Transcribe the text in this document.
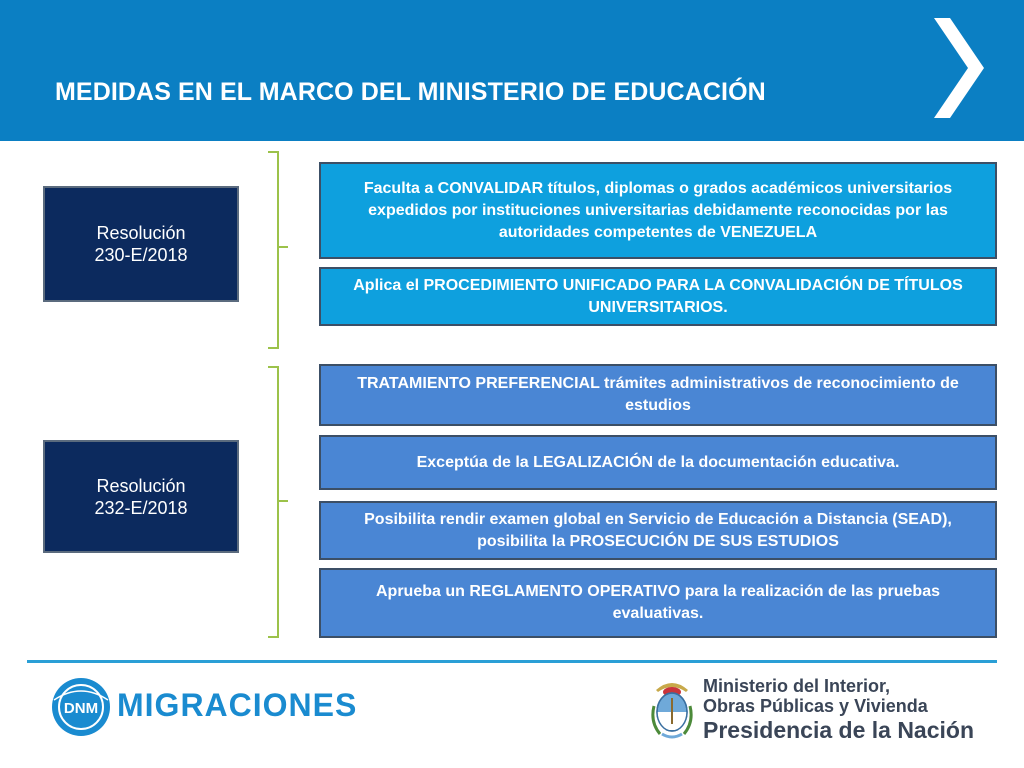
MEDIDAS EN EL MARCO DEL MINISTERIO DE EDUCACIÓN
Resolución
230-E/2018
Faculta a CONVALIDAR títulos, diplomas o grados académicos universitarios expedidos por instituciones universitarias debidamente reconocidas por las autoridades competentes de VENEZUELA
Aplica el PROCEDIMIENTO UNIFICADO PARA LA CONVALIDACIÓN DE TÍTULOS UNIVERSITARIOS.
Resolución
232-E/2018
TRATAMIENTO PREFERENCIAL trámites administrativos de reconocimiento de estudios
Exceptúa de la LEGALIZACIÓN de la documentación educativa.
Posibilita rendir examen global en Servicio de Educación a Distancia (SEAD), posibilita la PROSECUCIÓN DE SUS ESTUDIOS
Aprueba un REGLAMENTO OPERATIVO para la realización de las pruebas evaluativas.
DNM MIGRACIONES
Ministerio del Interior,
Obras Públicas y Vivienda
Presidencia de la Nación
